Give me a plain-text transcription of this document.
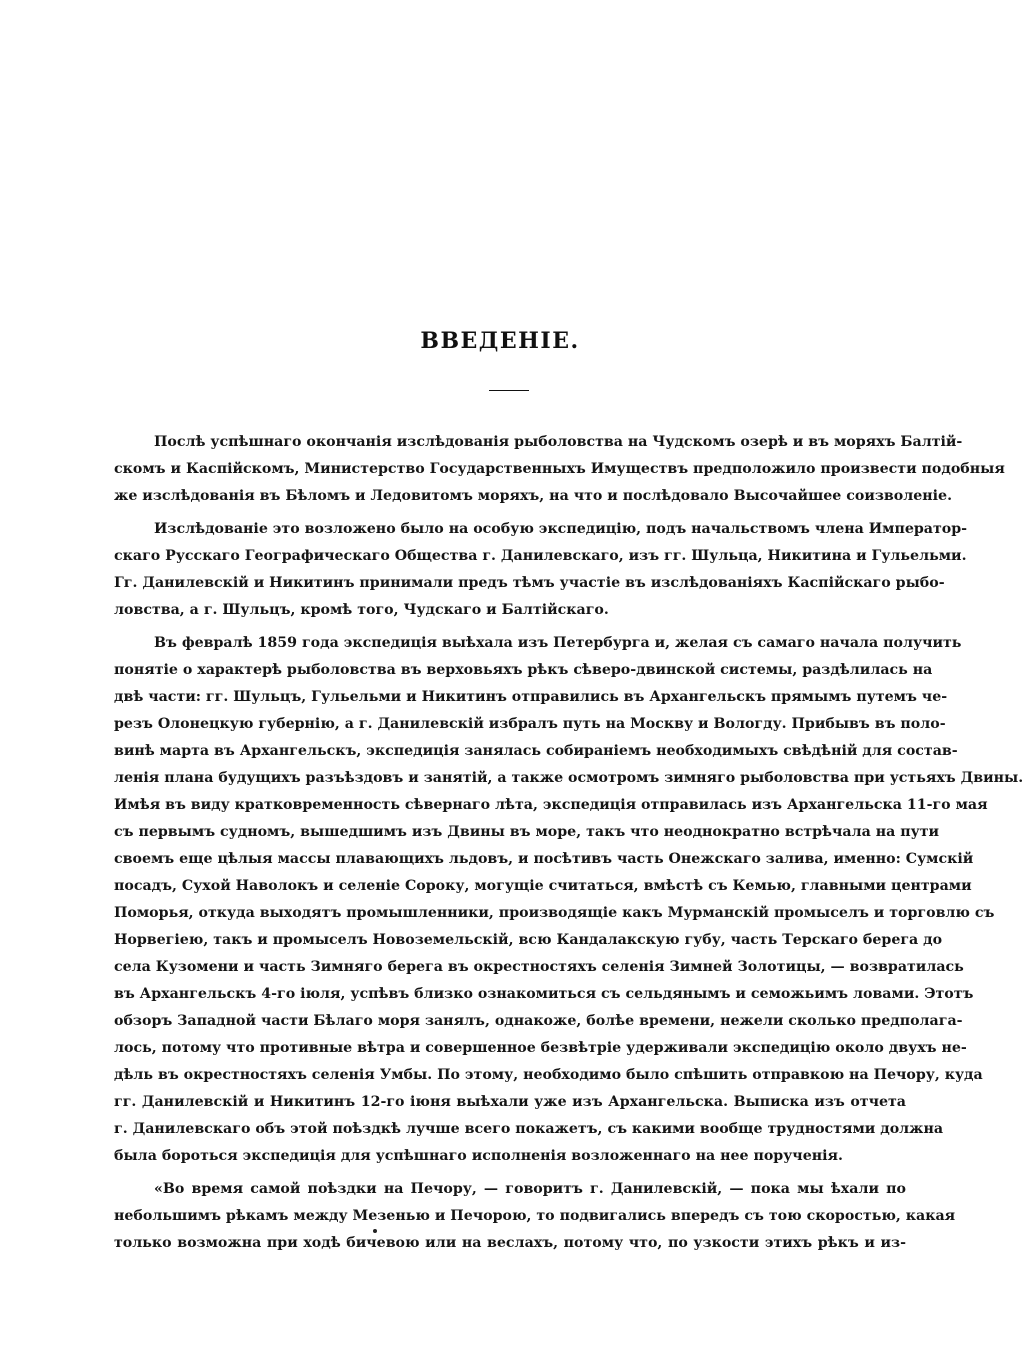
ВВЕДЕНІЕ.
Послѣ успѣшнаго окончанія изслѣдованія рыболовства на Чудскомъ озерѣ и въ моряхъ Балтій-
скомъ и Каспійскомъ, Министерство Государственныхъ Имуществъ предположило произвести подобныя
же изслѣдованія въ Бѣломъ и Ледовитомъ моряхъ, на что и послѣдовало Высочайшее соизволеніе.
Изслѣдованіе это возложено было на особую экспедицію, подъ начальствомъ члена Император-
скаго Русскаго Географическаго Общества г. Данилевскаго, изъ гг. Шульца, Никитина и Гульельми.
Гг. Данилевскій и Никитинъ принимали предъ тѣмъ участіе въ изслѣдованіяхъ Каспійскаго рыбо-
ловства, а г. Шульцъ, кромѣ того, Чудскаго и Балтійскаго.
Въ февралѣ 1859 года экспедиція выѣхала изъ Петербурга и, желая съ самаго начала получить
понятіе о характерѣ рыболовства въ верховьяхъ рѣкъ сѣверо-двинской системы, раздѣлилась на
двѣ части: гг. Шульцъ, Гульельми и Никитинъ отправились въ Архангельскъ прямымъ путемъ че-
резъ Олонецкую губернію, а г. Данилевскій избралъ путь на Москву и Вологду. Прибывъ въ поло-
винѣ марта въ Архангельскъ, экспедиція занялась собираніемъ необходимыхъ свѣдѣній для состав-
ленія плана будущихъ разъѣздовъ и занятій, а также осмотромъ зимняго рыболовства при устьяхъ Двины.
Имѣя въ виду кратковременность сѣвернаго лѣта, экспедиція отправилась изъ Архангельска 11-го мая
съ первымъ судномъ, вышедшимъ изъ Двины въ море, такъ что неоднократно встрѣчала на пути
своемъ еще цѣлыя массы плавающихъ льдовъ, и посѣтивъ часть Онежскаго залива, именно: Сумскій
посадъ, Сухой Наволокъ и селеніе Сороку, могущіе считаться, вмѣстѣ съ Кемью, главными центрами
Поморья, откуда выходятъ промышленники, производящіе какъ Мурманскій промыселъ и торговлю съ
Норвегіею, такъ и промыселъ Новоземельскій, всю Кандалакскую губу, часть Терскаго берега до
села Кузомени и часть Зимняго берега въ окрестностяхъ селенія Зимней Золотицы, — возвратилась
въ Архангельскъ 4-го іюля, успѣвъ близко ознакомиться съ сельдянымъ и семожьимъ ловами. Этотъ
обзоръ Западной части Бѣлаго моря занялъ, однакоже, болѣе времени, нежели сколько предполага-
лось, потому что противные вѣтра и совершенное безвѣтріе удерживали экспедицію около двухъ не-
дѣль въ окрестностяхъ селенія Умбы. По этому, необходимо было спѣшить отправкою на Печору, куда
гг. Данилевскій и Никитинъ 12-го іюня выѣхали уже изъ Архангельска. Выписка изъ отчета
г. Данилевскаго объ этой поѣздкѣ лучше всего покажетъ, съ какими вообще трудностями должна
была бороться экспедиція для успѣшнаго исполненія возложеннаго на нее порученія.
«Во время самой поѣздки на Печору, — говоритъ г. Данилевскій, — пока мы ѣхали по
небольшимъ рѣкамъ между Мезенью и Печорою, то подвигались впередъ съ тою скоростью, какая
только возможна при ходѣ бичевою или на веслахъ, потому что, по узкости этихъ рѣкъ и из-
